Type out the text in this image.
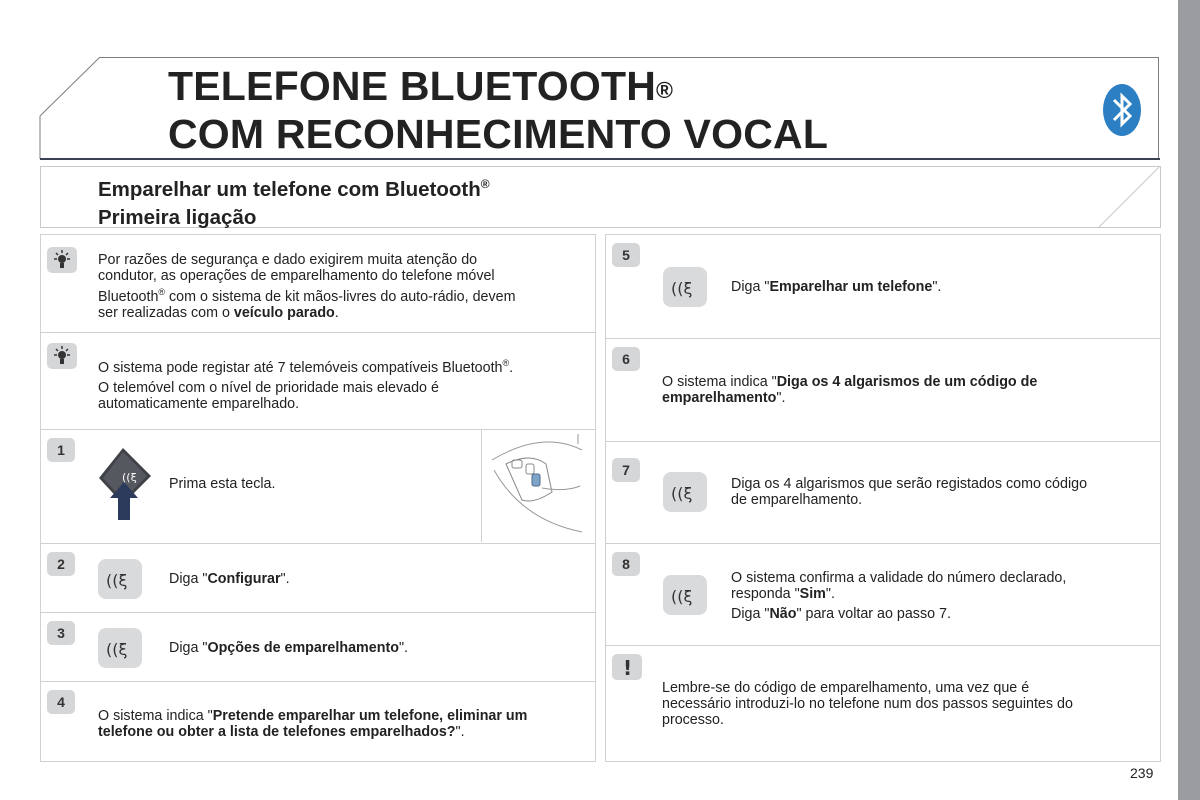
TELEFONE BLUETOOTH®
COM RECONHECIMENTO VOCAL
Emparelhar um telefone com Bluetooth®
Primeira ligação
Por razões de segurança e dado exigirem muita atenção do
condutor, as operações de emparelhamento do telefone móvel
Bluetooth® com o sistema de kit mãos-livres do auto-rádio, devem
ser realizadas com o veículo parado.

O sistema pode registar até 7 telemóveis compatíveis Bluetooth®.

O telemóvel com o nível de prioridade mais elevado é
automaticamente emparelhado.
1
((ξ Prima esta tecla.
2
((ξ	Diga "Configurar".
3
((ξ	Diga "Opções de emparelhamento".
4
O sistema indica "Pretende emparelhar um telefone, eliminar um
telefone ou obter a lista de telefones emparelhados?".
5
((ξ	Diga "Emparelhar um telefone".
6
O sistema indica "Diga os 4 algarismos de um código de
emparelhamento".
7
((ξ	Diga os 4 algarismos que serão registados como código
de emparelhamento.
8
((ξ
O sistema confirma a validade do número declarado,

responda "Sim".

Diga "Não" para voltar ao passo 7.
!
Lembre-se do código de emparelhamento, uma vez que é
necessário introduzi-lo no telefone num dos passos seguintes do
processo.
239
